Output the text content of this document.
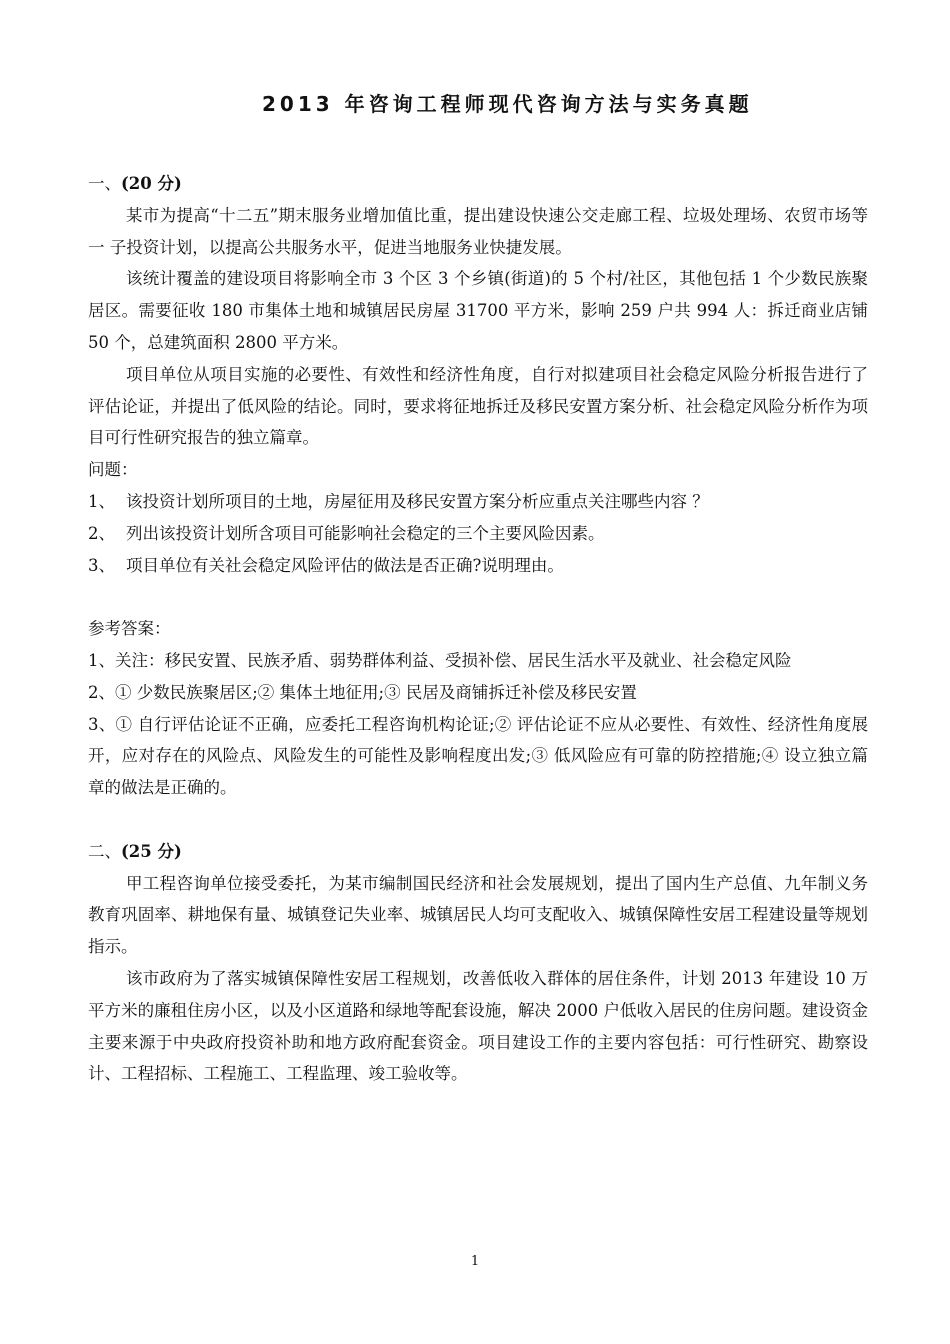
2013 年咨询工程师现代咨询方法与实务真题

一、(20 分)

某市为提高“十二五”期末服务业增加值比重，提出建设快速公交走廊工程、垃圾处理场、农贸市场等一 子投资计划，以提高公共服务水平，促进当地服务业快捷发展。

该统计覆盖的建设项目将影响全市 3 个区 3 个乡镇(街道)的 5 个村/社区，其他包括 1 个少数民族聚居区。需要征收 180 市集体土地和城镇居民房屋 31700 平方米，影响 259 户共 994 人：拆迁商业店铺 50 个，总建筑面积 2800 平方米。

项目单位从项目实施的必要性、有效性和经济性角度，自行对拟建项目社会稳定风险分析报告进行了评估论证，并提出了低风险的结论。同时，要求将征地拆迁及移民安置方案分析、社会稳定风险分析作为项目可行性研究报告的独立篇章。

问题：

1、 该投资计划所项目的土地，房屋征用及移民安置方案分析应重点关注哪些内容 ？
2、 列出该投资计划所含项目可能影响社会稳定的三个主要风险因素。
3、 项目单位有关社会稳定风险评估的做法是否正确?说明理由。

参考答案：

1、关注：移民安置、民族矛盾、弱势群体利益、受损补偿、居民生活水平及就业、社会稳定风险

2、① 少数民族聚居区;② 集体土地征用;③ 民居及商铺拆迁补偿及移民安置

3、① 自行评估论证不正确，应委托工程咨询机构论证;② 评估论证不应从必要性、有效性、经济性角度展开，应对存在的风险点、风险发生的可能性及影响程度出发;③ 低风险应有可靠的防控措施;④ 设立独立篇章的做法是正确的。

二、(25 分)

甲工程咨询单位接受委托，为某市编制国民经济和社会发展规划，提出了国内生产总值、九年制义务教育巩固率、耕地保有量、城镇登记失业率、城镇居民人均可支配收入、城镇保障性安居工程建设量等规划指示。

该市政府为了落实城镇保障性安居工程规划，改善低收入群体的居住条件，计划 2013 年建设 10 万平方米的廉租住房小区，以及小区道路和绿地等配套设施，解决 2000 户低收入居民的住房问题。建设资金主要来源于中央政府投资补助和地方政府配套资金。项目建设工作的主要内容包括：可行性研究、勘察设计、工程招标、工程施工、工程监理、竣工验收等。

1
